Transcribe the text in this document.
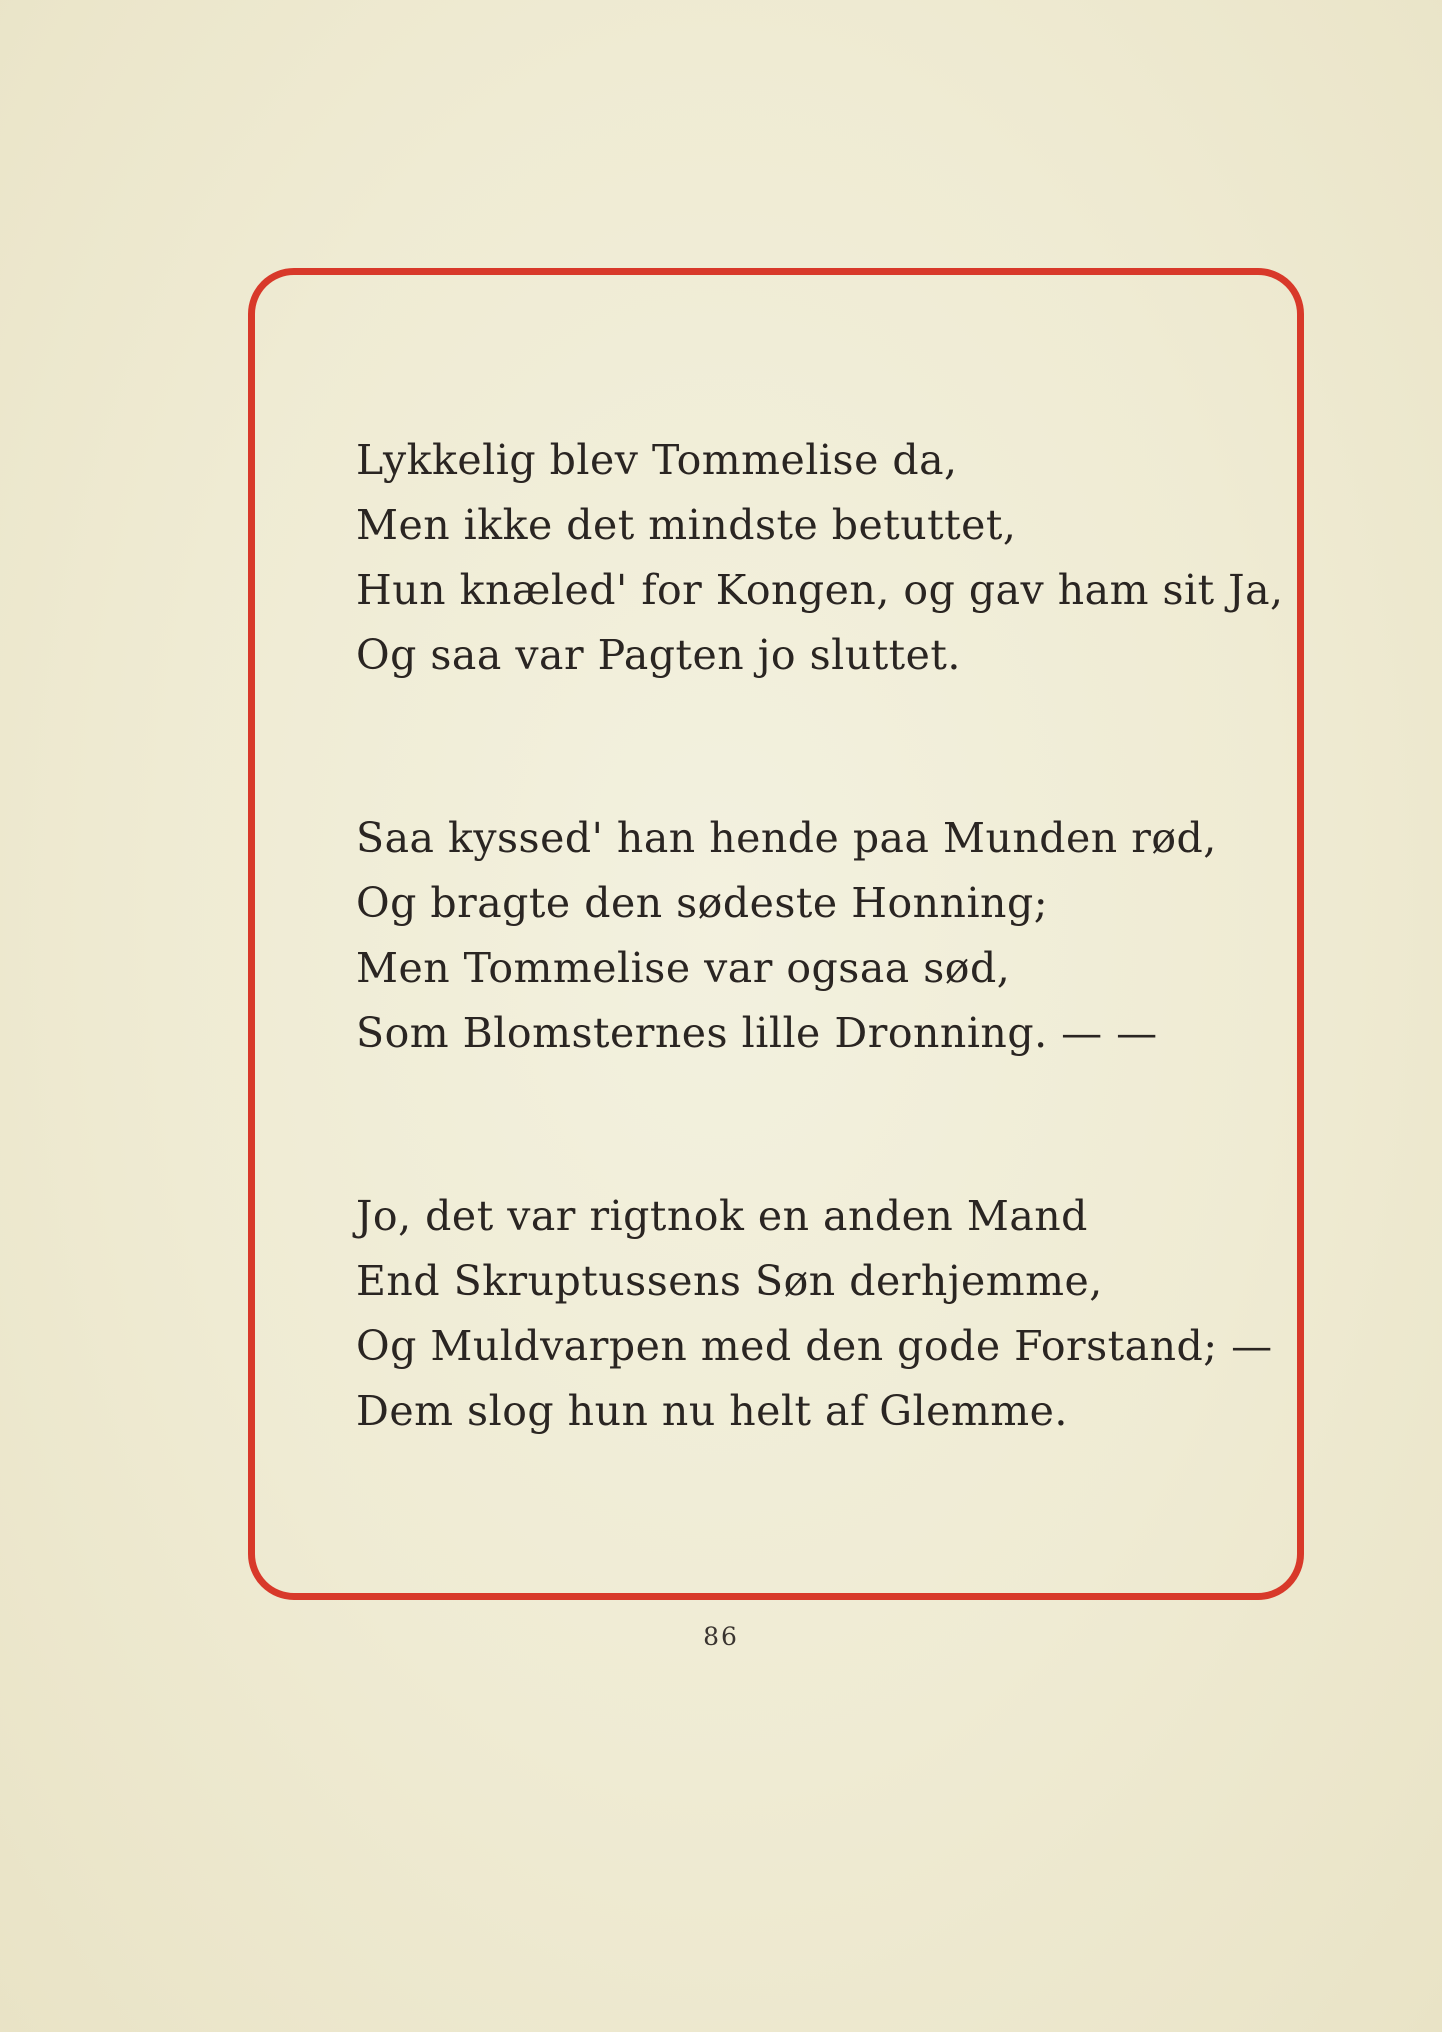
Lykkelig blev Tommelise da,
Men ikke det mindste betuttet,
Hun knæled' for Kongen, og gav ham sit Ja,
Og saa var Pagten jo sluttet.
Saa kyssed' han hende paa Munden rød,
Og bragte den sødeste Honning;
Men Tommelise var ogsaa sød,
Som Blomsternes lille Dronning. — —
Jo, det var rigtnok en anden Mand
End Skruptussens Søn derhjemme,
Og Muldvarpen med den gode Forstand; —
Dem slog hun nu helt af Glemme.
86
